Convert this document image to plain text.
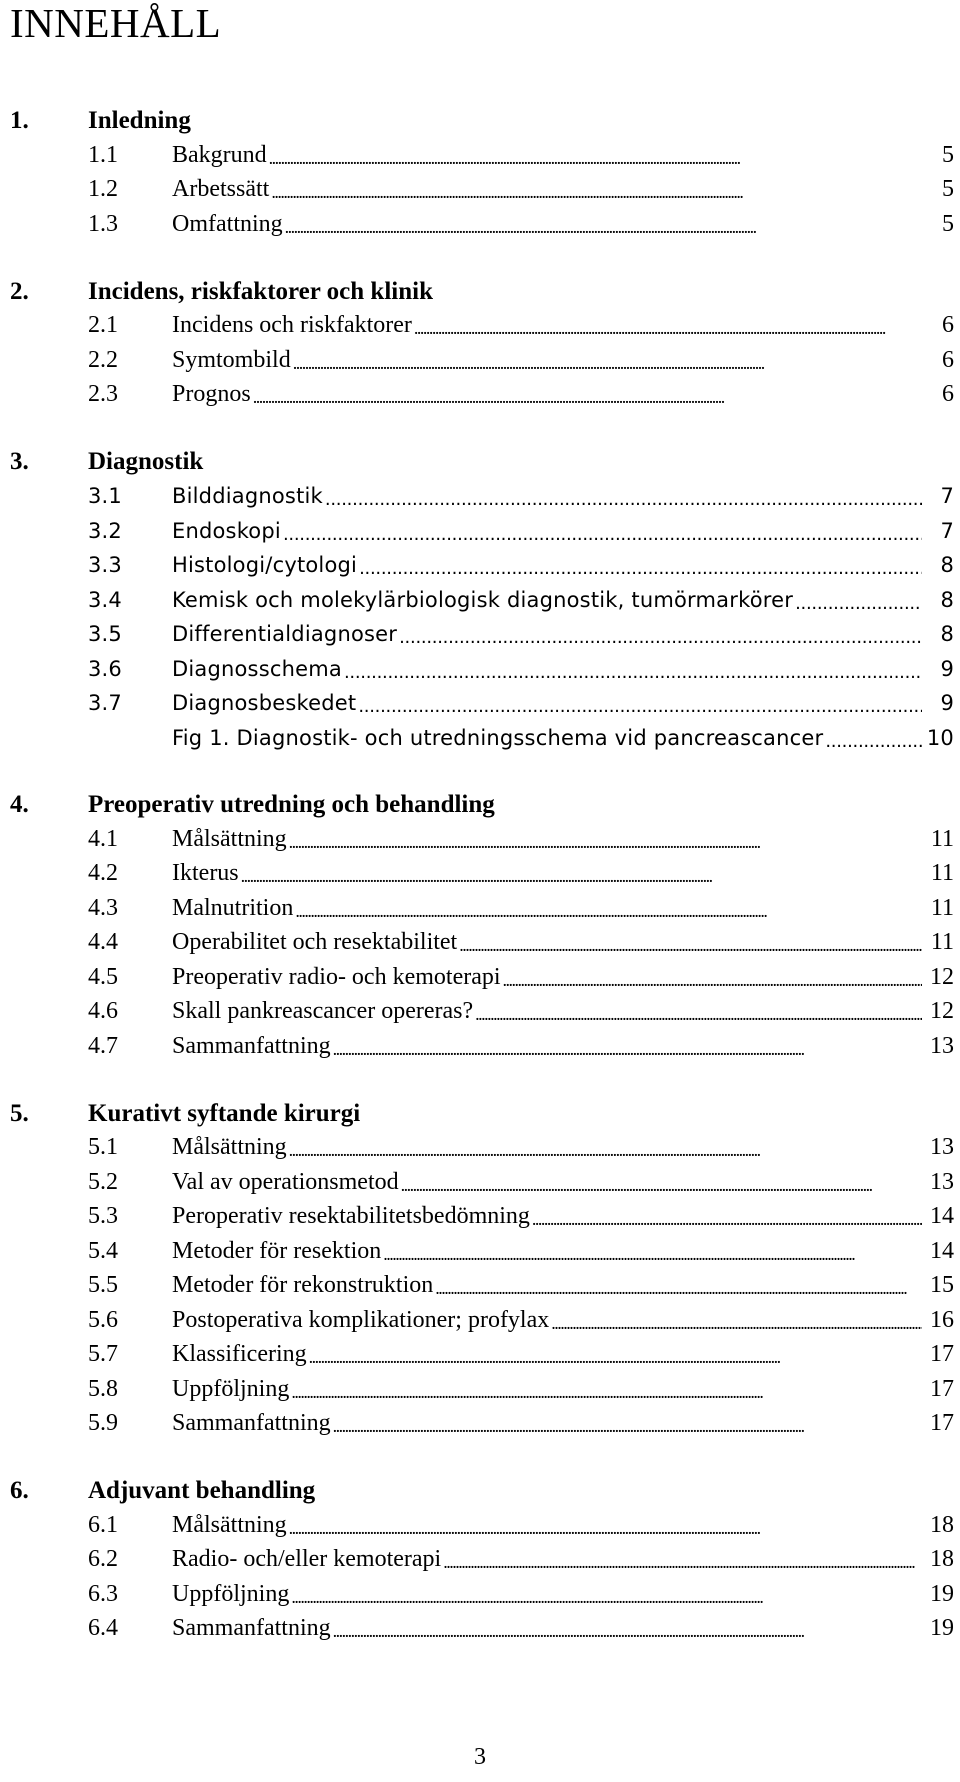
INNEHÅLL
1.	Inledning
1.1	Bakgrund . . .	5
1.2	Arbetssätt . . .	5
1.3	Omfattning . . .	5
2.	Incidens, riskfaktorer och klinik
2.1	Incidens och riskfaktorer . . .	6
2.2	Symtombild . . .	6
2.3	Prognos . . .	6
3.	Diagnostik
3.1	Bilddiagnostik . . .	7
3.2	Endoskopi . . .	7
3.3	Histologi/cytologi . . .	8
3.4	Kemisk och molekylärbiologisk diagnostik, tumörmarkörer . . .	8
3.5	Differentialdiagnoser . . .	8
3.6	Diagnosschema . . .	9
3.7	Diagnosbeskedet . . .	9
Fig 1. Diagnostik- och utredningsschema vid pancreascancer . . .	10
4.	Preoperativ utredning och behandling
4.1	Målsättning . . .	11
4.2	Ikterus . . .	11
4.3	Malnutrition . . .	11
4.4	Operabilitet och resektabilitet . . .	11
4.5	Preoperativ radio- och kemoterapi . . .	12
4.6	Skall pankreascancer opereras? . . .	12
4.7	Sammanfattning . . .	13
5.	Kurativt syftande kirurgi
5.1	Målsättning . . .	13
5.2	Val av operationsmetod . . .	13
5.3	Peroperativ resektabilitetsbedömning . . .	14
5.4	Metoder för resektion . . .	14
5.5	Metoder för rekonstruktion . . .	15
5.6	Postoperativa komplikationer; profylax . . .	16
5.7	Klassificering . . .	17
5.8	Uppföljning . . .	17
5.9	Sammanfattning . . .	17
6.	Adjuvant behandling
6.1	Målsättning . . .	18
6.2	Radio- och/eller kemoterapi . . .	18
6.3	Uppföljning . . .	19
6.4	Sammanfattning . . .	19

3
